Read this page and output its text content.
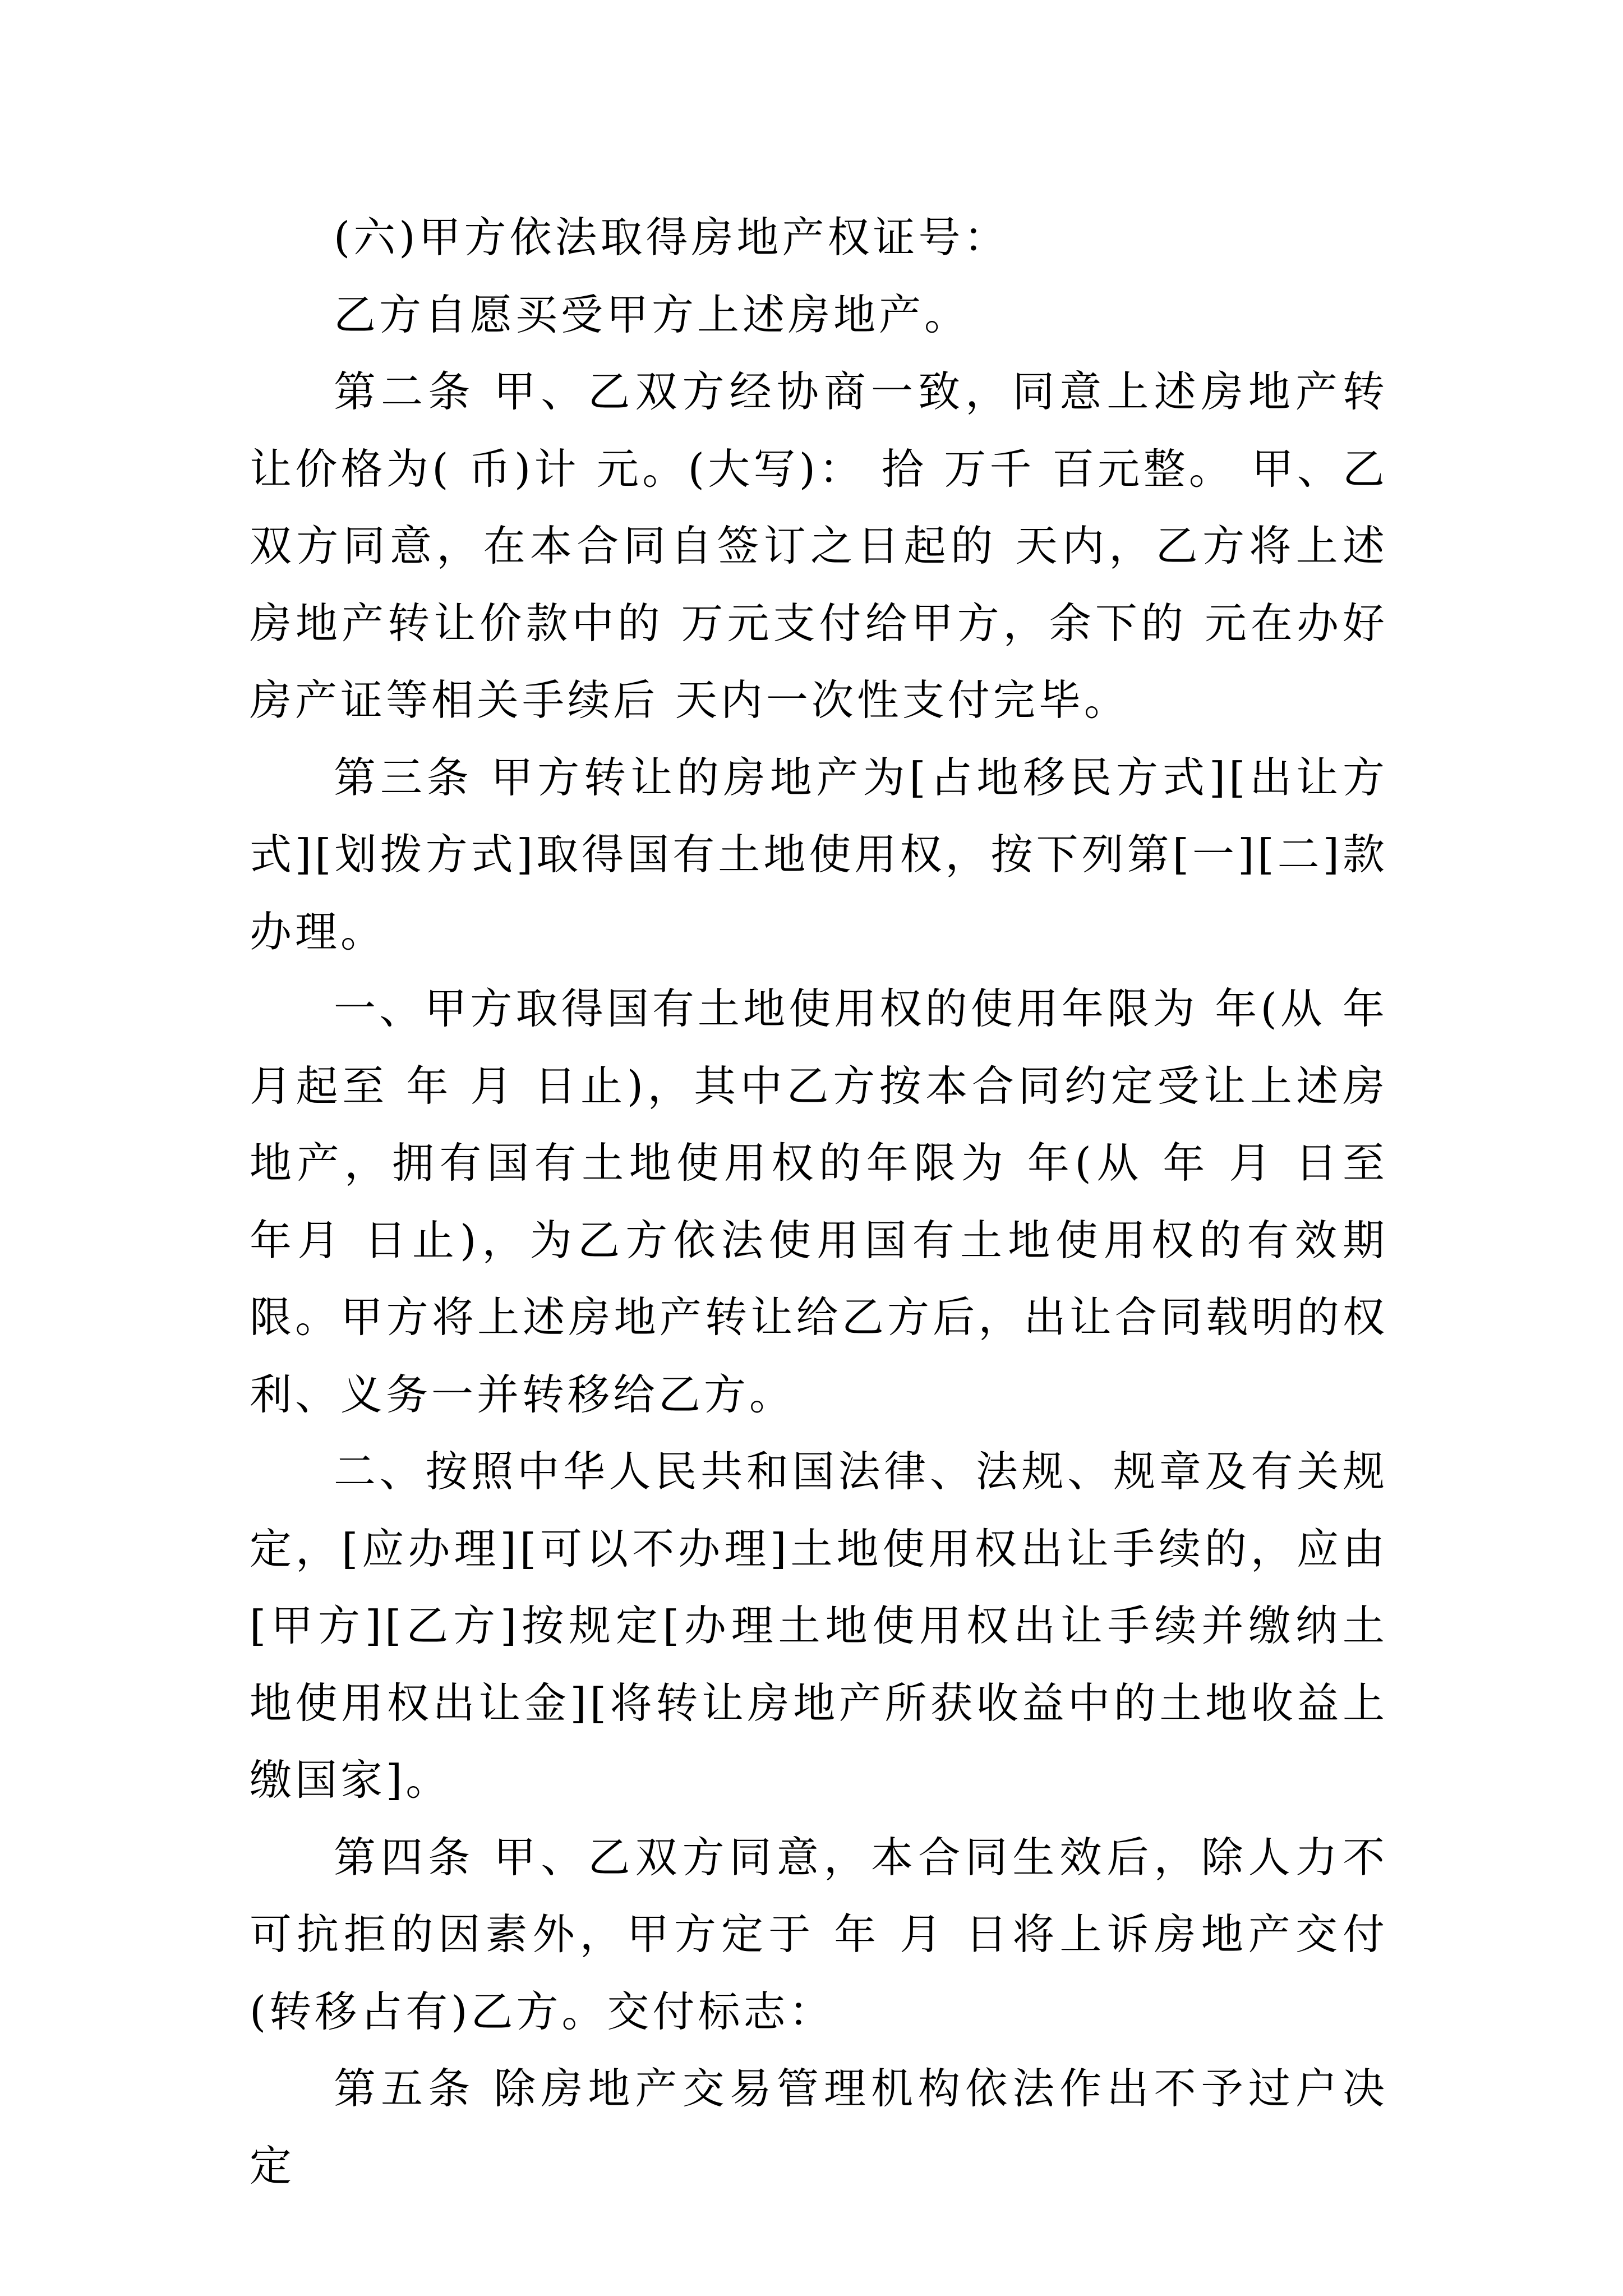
(六)甲方依法取得房地产权证号：

乙方自愿买受甲方上述房地产。

第二条 甲、乙双方经协商一致，同意上述房地产转让价格为( 币)计 元。(大写)： 拾 万千 百元整。 甲、乙双方同意，在本合同自签订之日起的 天内，乙方将上述房地产转让价款中的 万元支付给甲方，余下的 元在办好房产证等相关手续后 天内一次性支付完毕。

第三条 甲方转让的房地产为[占地移民方式][出让方式][划拨方式]取得国有土地使用权，按下列第[一][二]款办理。

一、甲方取得国有土地使用权的使用年限为 年(从 年月起至 年 月 日止)，其中乙方按本合同约定受让上述房地产，拥有国有土地使用权的年限为 年(从 年 月 日至 年月 日止)，为乙方依法使用国有土地使用权的有效期限。甲方将上述房地产转让给乙方后，出让合同载明的权利、义务一并转移给乙方。

二、按照中华人民共和国法律、法规、规章及有关规定，[应办理][可以不办理]土地使用权出让手续的，应由[甲方][乙方]按规定[办理土地使用权出让手续并缴纳土地使用权出让金][将转让房地产所获收益中的土地收益上缴国家]。

第四条 甲、乙双方同意，本合同生效后，除人力不可抗拒的因素外，甲方定于 年 月 日将上诉房地产交付(转移占有)乙方。交付标志：

第五条 除房地产交易管理机构依法作出不予过户决定
